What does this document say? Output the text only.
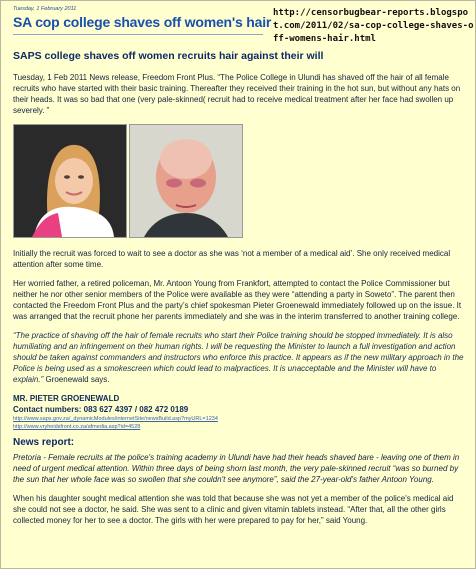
Tuesday, 1 February 2011
SA cop college shaves off women's hair
http://censorbugbear-reports.blogspot.com/2011/02/sa-cop-college-shaves-off-womens-hair.html
SAPS college shaves off women recruits hair against their will

Tuesday, 1 Feb 2011 News release, Freedom Front Plus. “The Police College in Ulundi has shaved off the hair of all female recruits who have started with their basic training. Thereafter they received their training in the hot sun, but without any hats on their heads. It was so bad that one (very pale-skinned( recruit had to receive medical treatment after her face had swollen up severely. ”

Initially the recruit was forced to wait to see a doctor as she was ‘not a member of a medical aid’. She only received medical attention after some time.

Her worried father, a retired policeman, Mr. Antoon Young from Frankfort, attempted to contact the Police Commissioner but neither he nor other senior members of the Police were available as they were “attending a party in Soweto”. The parent then contacted the Freedom Front Plus and the party’s chief spokesman Pieter Groenewald immediately followed up on the issue. It was arranged that the recruit phone her parents immediately and she was in the interim transferred to another training college.

“The practice of shaving off the hair of female recruits who start their Police training should be stopped immediately. It is also humiliating and an infringement on their human rights. I will be requesting the Minister to launch a full investigation and action should be taken against commanders and instructors who enforce this practice. It appears as if the new military approach in the Police is being used as a smokescreen which could lead to malpractices. It is unacceptable and the Minister will have to explain.” Groenewald says.

MR. PIETER GROENEWALD
Contact numbers: 083 627 4397 / 082 472 0189
http://www.saps.gov.za/_dynamicModules/internetSite/newsBuild.asp?myURL=1234
http://www.vryheidsfront.co.za/afmedia.asp?id=4528
News report:

Pretoria - Female recruits at the police's training academy in Ulundi have had their heads shaved bare - leaving one of them in need of urgent medical attention. Within three days of being shorn last month, the very pale-skinned recruit “was so burned by the sun that her whole face was so swollen that she couldn't see anymore”, said the 27-year-old's father Antoon Young.

When his daughter sought medical attention she was told that because she was not yet a member of the police's medical aid she could not see a doctor, he said. She was sent to a clinic and given vitamin tablets instead. “After that, all the other girls collected money for her to see a doctor. The girls with her were prepared to pay for her,” said Young.
